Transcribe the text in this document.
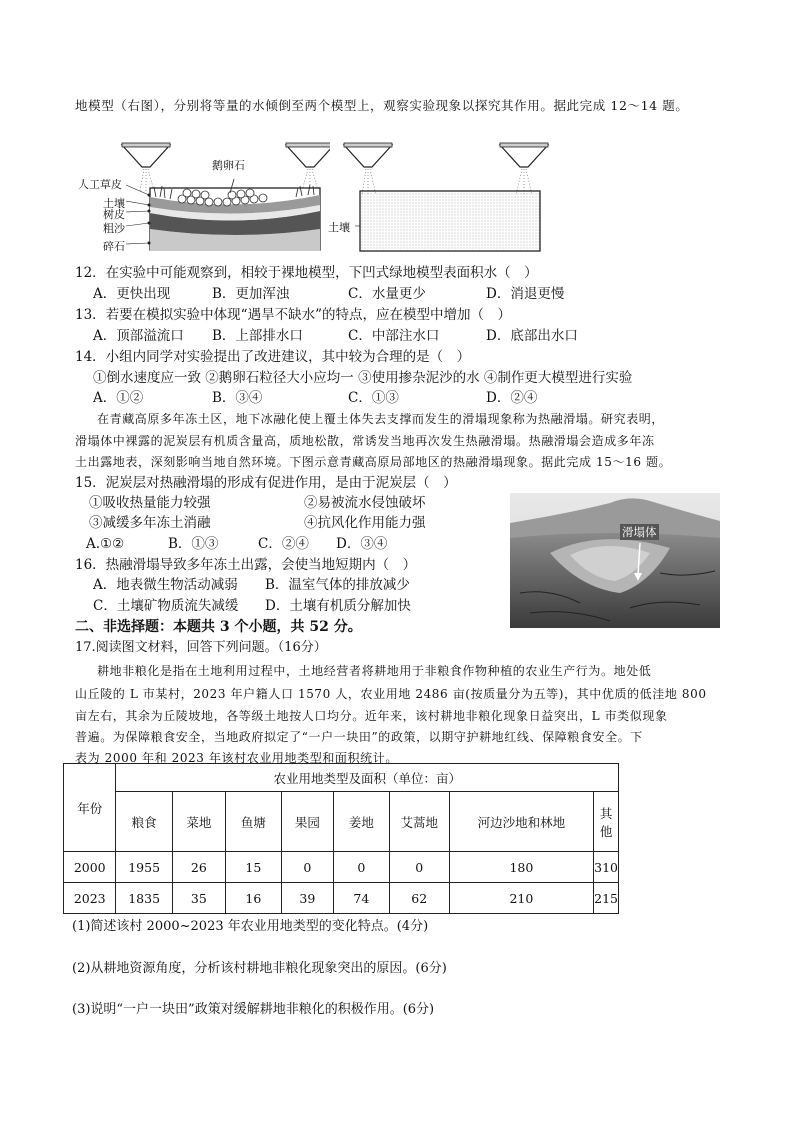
地模型（右图），分别将等量的水倾倒至两个模型上，观察实验现象以探究其作用。据此完成 12～14 题。
鹅卵石
人工草皮
土壤
树皮
粗沙
碎石
土壤
12．在实验中可能观察到，相较于裸地模型，下凹式绿地模型表面积水（　）
A．更快出现	B．更加浑浊	C．水量更少	D．消退更慢
13．若要在模拟实验中体现“遇旱不缺水”的特点，应在模型中增加（　）
A．顶部溢流口 B．上部排水口	C．中部注水口	D．底部出水口
14．小组内同学对实验提出了改进建议，其中较为合理的是（　）
①倒水速度应一致 ②鹅卵石粒径大小应均一 ③使用掺杂泥沙的水 ④制作更大模型进行实验
A．①②	B．③④	C．①③	D．②④
在青藏高原多年冻土区，地下冰融化使上覆土体失去支撑而发生的滑塌现象称为热融滑塌。研究表明，
滑塌体中裸露的泥炭层有机质含量高，质地松散，常诱发当地再次发生热融滑塌。热融滑塌会造成多年冻
土出露地表，深刻影响当地自然环境。下图示意青藏高原局部地区的热融滑塌现象。据此完成 15～16 题。
滑塌体
15．泥炭层对热融滑塌的形成有促进作用，是由于泥炭层（　）
①吸收热量能力较强	②易被流水侵蚀破坏
③减缓多年冻土消融	④抗风化作用能力强
A.①②	B．①③	C．②④ D．③④
16．热融滑塌导致多年冻土出露，会使当地短期内（　）
A．地表微生物活动减弱 B．温室气体的排放减少
C．土壤矿物质流失减缓 D．土壤有机质分解加快
二、非选择题：本题共 3 个小题，共 52 分。
17.阅读图文材料，回答下列问题。（16分）
耕地非粮化是指在土地利用过程中，土地经营者将耕地用于非粮食作物种植的农业生产行为。地处低
山丘陵的 L 市某村，2023 年户籍人口 1570 人，农业用地 2486 亩(按质量分为五等)，其中优质的低洼地 800
亩左右，其余为丘陵坡地，各等级土地按人口均分。近年来，该村耕地非粮化现象日益突出，L 市类似现象
普遍。为保障粮食安全，当地政府拟定了“一户一块田”的政策，以期守护耕地红线、保障粮食安全。下
表为 2000 年和 2023 年该村农业用地类型和面积统计。
年份	农业用地类型及面积（单位：亩）							
	粮食	菜地	鱼塘	果园	姜地	艾蒿地	河边沙地和林地	其他
2000	1955	26	15	0	0	0	180	310
2023	1835	35	16	39	74	62	210	215
(1)简述该村 2000~2023 年农业用地类型的变化特点。(4分)
(2)从耕地资源角度，分析该村耕地非粮化现象突出的原因。(6分)
(3)说明“一户一块田”政策对缓解耕地非粮化的积极作用。(6分)
